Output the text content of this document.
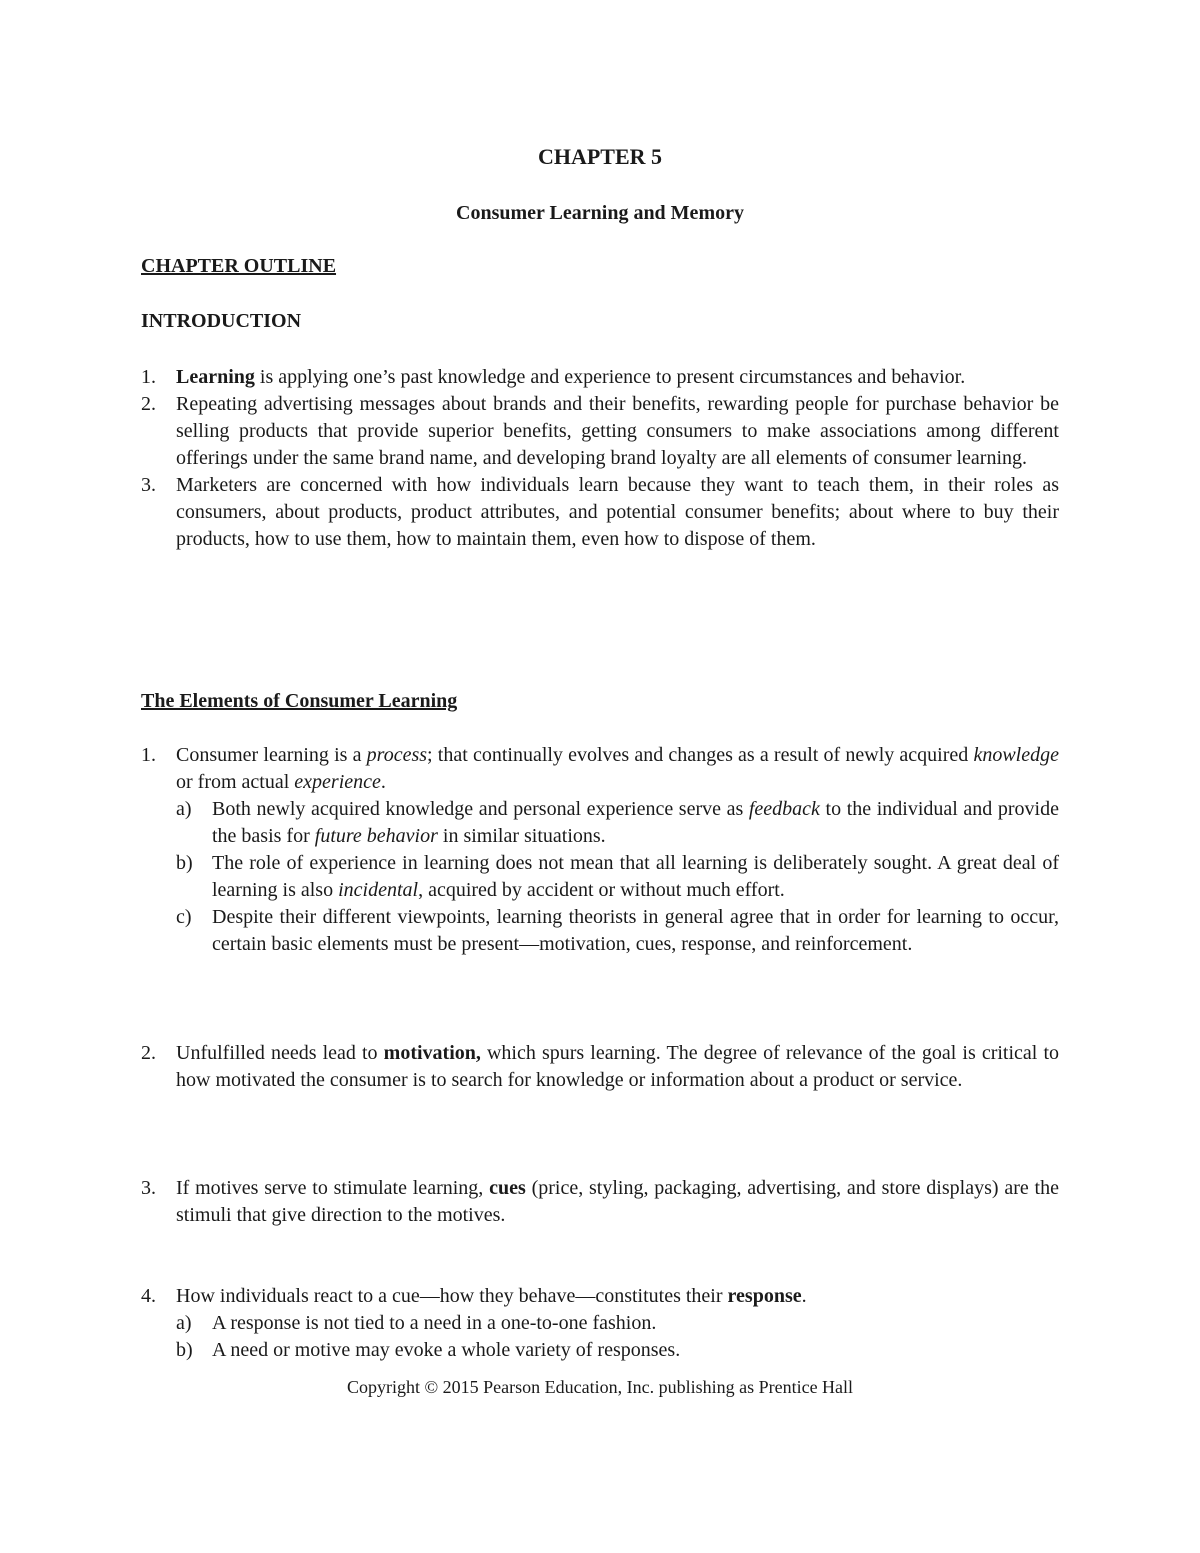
CHAPTER 5
Consumer Learning and Memory
CHAPTER OUTLINE
INTRODUCTION
1. Learning is applying one’s past knowledge and experience to present circumstances and behavior.
2. Repeating advertising messages about brands and their benefits, rewarding people for purchase behavior be selling products that provide superior benefits, getting consumers to make associations among different offerings under the same brand name, and developing brand loyalty are all elements of consumer learning.
3. Marketers are concerned with how individuals learn because they want to teach them, in their roles as consumers, about products, product attributes, and potential consumer benefits; about where to buy their products, how to use them, how to maintain them, even how to dispose of them.
The Elements of Consumer Learning
1. Consumer learning is a process; that continually evolves and changes as a result of newly acquired knowledge or from actual experience.
a) Both newly acquired knowledge and personal experience serve as feedback to the individual and provide the basis for future behavior in similar situations.
b) The role of experience in learning does not mean that all learning is deliberately sought. A great deal of learning is also incidental, acquired by accident or without much effort.
c) Despite their different viewpoints, learning theorists in general agree that in order for learning to occur, certain basic elements must be present—motivation, cues, response, and reinforcement.
2. Unfulfilled needs lead to motivation, which spurs learning. The degree of relevance of the goal is critical to how motivated the consumer is to search for knowledge or information about a product or service.
3. If motives serve to stimulate learning, cues (price, styling, packaging, advertising, and store displays) are the stimuli that give direction to the motives.
4. How individuals react to a cue—how they behave—constitutes their response.
a) A response is not tied to a need in a one-to-one fashion.
b) A need or motive may evoke a whole variety of responses.

Copyright © 2015 Pearson Education, Inc. publishing as Prentice Hall
